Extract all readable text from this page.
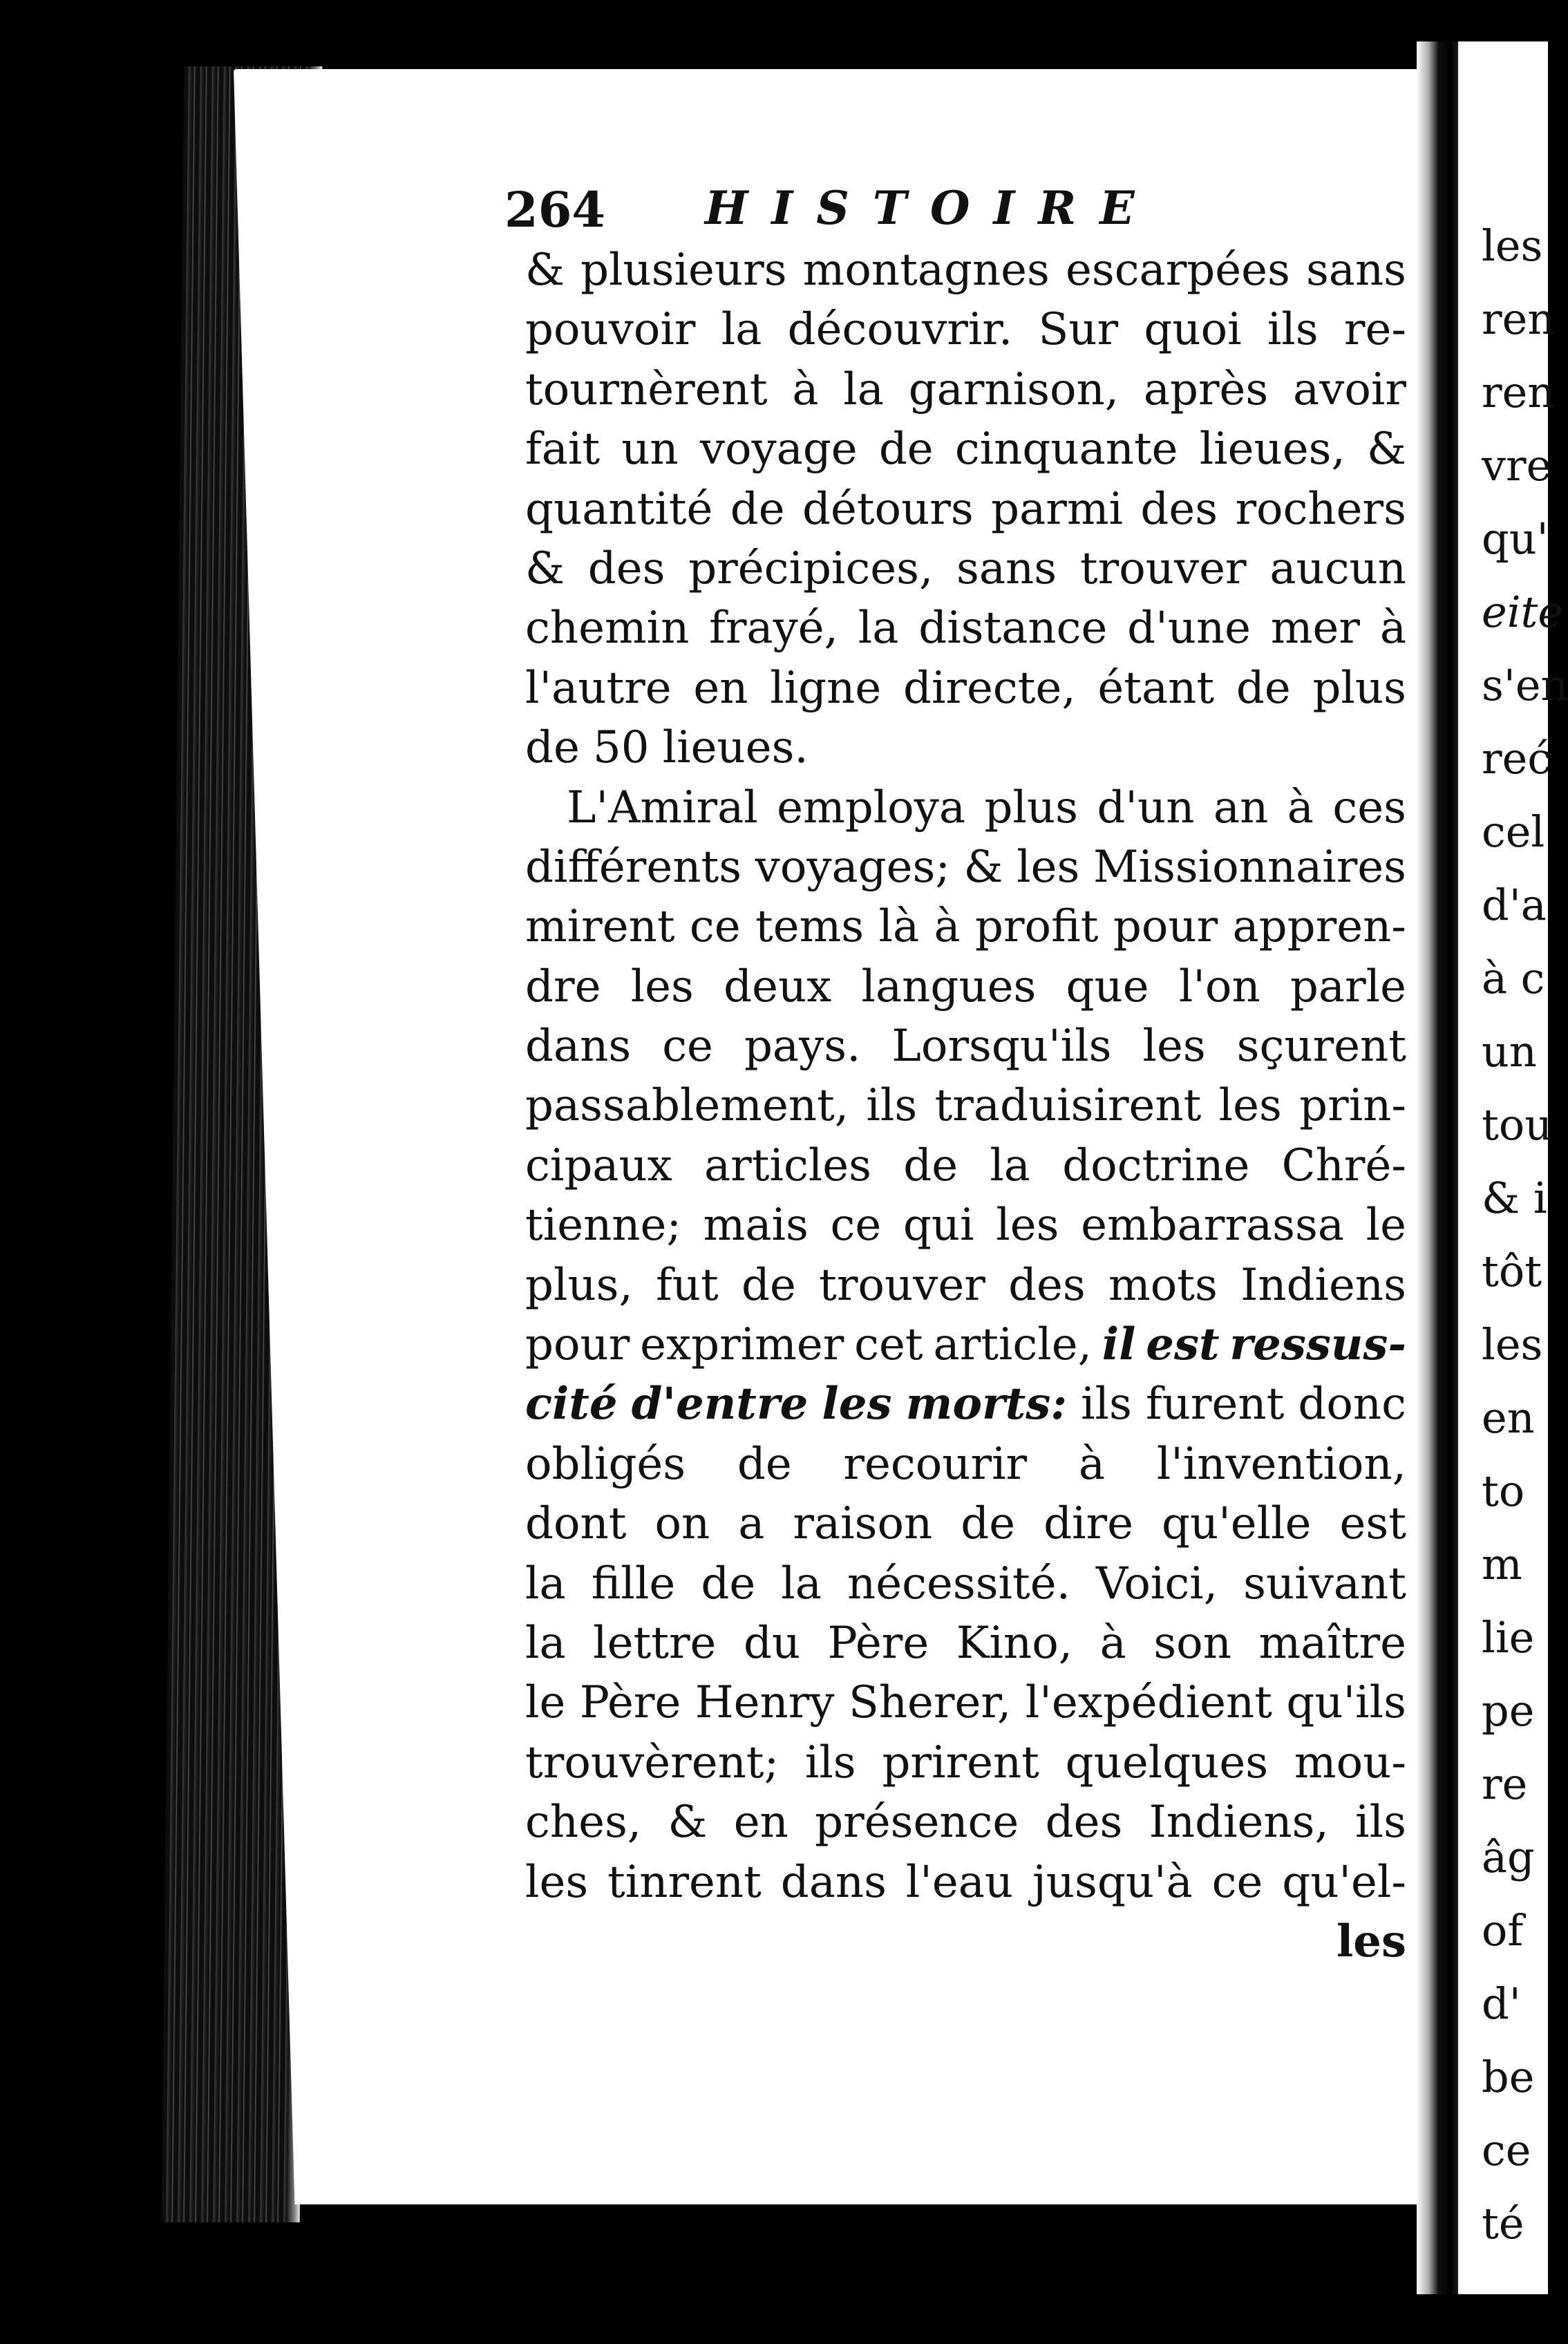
les
ren
ren
vre
qu'
eite
s'en
reć
cel
d'a
à c
un
tou
& i
tôt
les
en
to
m
lie
pe
re
âg
of
d'
be
ce
té
264 HISTOIRE
& plusieurs montagnes escarpées sans
pouvoir la découvrir. Sur quoi ils re-
tournèrent à la garnison, après avoir
fait un voyage de cinquante lieues, &
quantité de détours parmi des rochers
& des précipices, sans trouver aucun
chemin frayé, la distance d'une mer à
l'autre en ligne directe, étant de plus
de 50 lieues.
L'Amiral employa plus d'un an à ces
différents voyages; & les Missionnaires
mirent ce tems là à profit pour appren-
dre les deux langues que l'on parle
dans ce pays. Lorsqu'ils les sçurent
passablement, ils traduisirent les prin-
cipaux articles de la doctrine Chré-
tienne; mais ce qui les embarrassa le
plus, fut de trouver des mots Indiens
pour exprimer cet article, il est ressus-
cité d'entre les morts: ils furent donc
obligés de recourir à l'invention,
dont on a raison de dire qu'elle est
la fille de la nécessité. Voici, suivant
la lettre du Père Kino, à son maître
le Père Henry Sherer, l'expédient qu'ils
trouvèrent; ils prirent quelques mou-
ches, & en présence des Indiens, ils
les tinrent dans l'eau jusqu'à ce qu'el-
les
